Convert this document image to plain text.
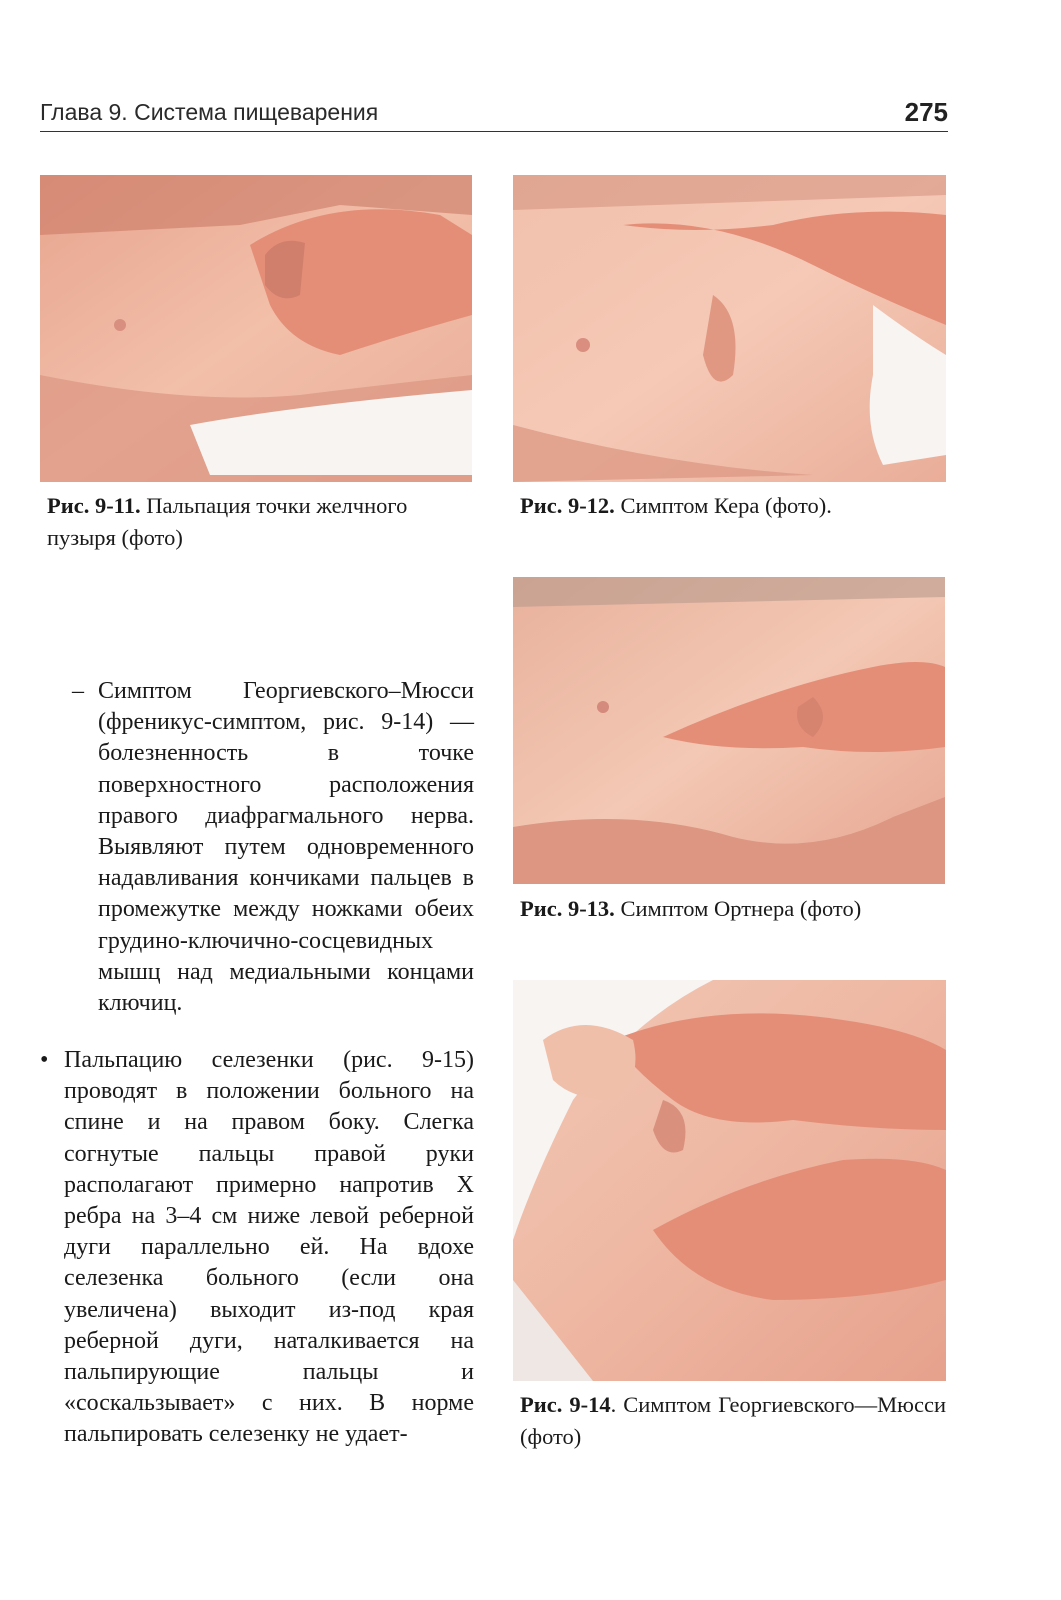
Глава 9. Система пищеварения	275
Рис. 9-11. Пальпация точки желчного пузыря (фото)
Рис. 9-12. Симптом Кера (фото).
Рис. 9-13. Симптом Ортнера (фото)
Рис. 9-14. Симптом Георгиевского—Мюсси (фото)
– Симптом Георгиевского–Мюсси (френикус-симптом, рис. 9-14) — болезненность в точке поверхностного расположения правого диафрагмального нерва. Выявляют путем одновременного надавливания кончиками пальцев в промежутке между ножками обеих грудино-ключично-сосцевидных мышц над медиальными концами ключиц.

• Пальпацию селезенки (рис. 9-15) проводят в положении больного на спине и на правом боку. Слегка согнутые пальцы правой руки располагают примерно напротив X ребра на 3–4 см ниже левой реберной дуги параллельно ей. На вдохе селезенка больного (если она увеличена) выходит из-под края реберной дуги, наталкивается на пальпирующие пальцы и «соскальзывает» с них. В норме пальпировать селезенку не удает-
